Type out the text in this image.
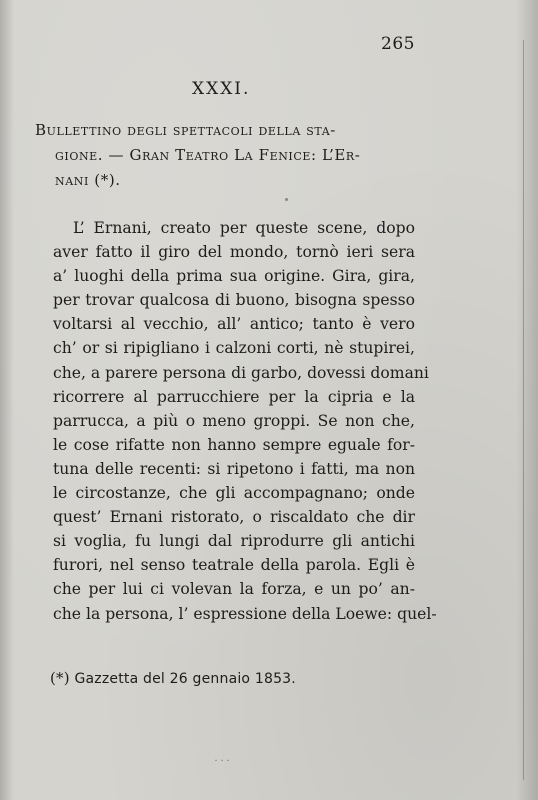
265
XXXI.
Bullettino degli spettacoli della sta-
gione. — Gran Teatro La Fenice: L’Er-
nani (*).
L’ Ernani, creato per queste scene, dopo
aver fatto il giro del mondo, tornò ieri sera
a’ luoghi della prima sua origine. Gira, gira,
per trovar qualcosa di buono, bisogna spesso
voltarsi al vecchio, all’ antico; tanto è vero
ch’ or si ripigliano i calzoni corti, nè stupirei,
che, a parere persona di garbo, dovessi domani
ricorrere al parrucchiere per la cipria e la
parrucca, a più o meno groppi. Se non che,
le cose rifatte non hanno sempre eguale for-
tuna delle recenti: si ripetono i fatti, ma non
le circostanze, che gli accompagnano; onde
quest’ Ernani ristorato, o riscaldato che dir
si voglia, fu lungi dal riprodurre gli antichi
furori, nel senso teatrale della parola. Egli è
che per lui ci volevan la forza, e un po’ an-
che la persona, l’ espressione della Loewe: quel-
(*) Gazzetta del 26 gennaio 1853.
˙˙˙
